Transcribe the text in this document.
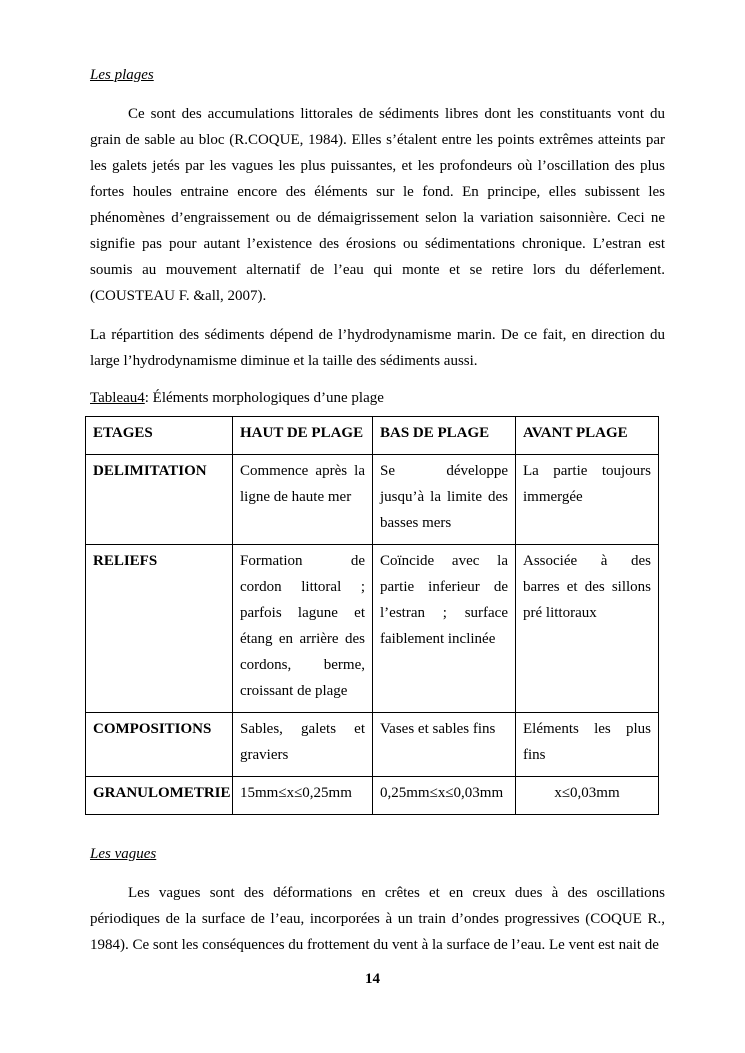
Les plages

Ce sont des accumulations littorales de sédiments libres dont les constituants vont du grain de sable au bloc (R.COQUE, 1984). Elles s’étalent entre les points extrêmes atteints par les galets jetés par les vagues les plus puissantes, et les profondeurs où l’oscillation des plus fortes houles entraine encore des éléments sur le fond. En principe, elles subissent les phénomènes d’engraissement ou de démaigrissement selon la variation saisonnière. Ceci ne signifie pas pour autant l’existence des érosions ou sédimentations chronique. L’estran est soumis au mouvement alternatif de l’eau qui monte et se retire lors du déferlement. (COUSTEAU F. &all, 2007).

La répartition des sédiments dépend de l’hydrodynamisme marin. De ce fait, en direction du large l’hydrodynamisme diminue et la taille des sédiments aussi.

Tableau4: Éléments morphologiques d’une plage

ETAGES	HAUT DE PLAGE	BAS DE PLAGE	AVANT PLAGE
DELIMITATION	Commence après la ligne de haute mer	Se développe jusqu’à la limite des basses mers	La partie toujours immergée
RELIEFS	Formation de cordon littoral ; parfois lagune et étang en arrière des cordons, berme, croissant de plage	Coïncide avec la partie inferieur de l’estran ; surface faiblement inclinée	Associée à des barres et des sillons pré littoraux
COMPOSITIONS	Sables, galets et graviers	Vases et sables fins	Eléments les plus fins
GRANULOMETRIE	15mm≤x≤0,25mm	0,25mm≤x≤0,03mm	x≤0,03mm

Les vagues

Les vagues sont des déformations en crêtes et en creux dues à des oscillations périodiques de la surface de l’eau, incorporées à un train d’ondes progressives (COQUE R., 1984). Ce sont les conséquences du frottement du vent à la surface de l’eau. Le vent est nait de

14
